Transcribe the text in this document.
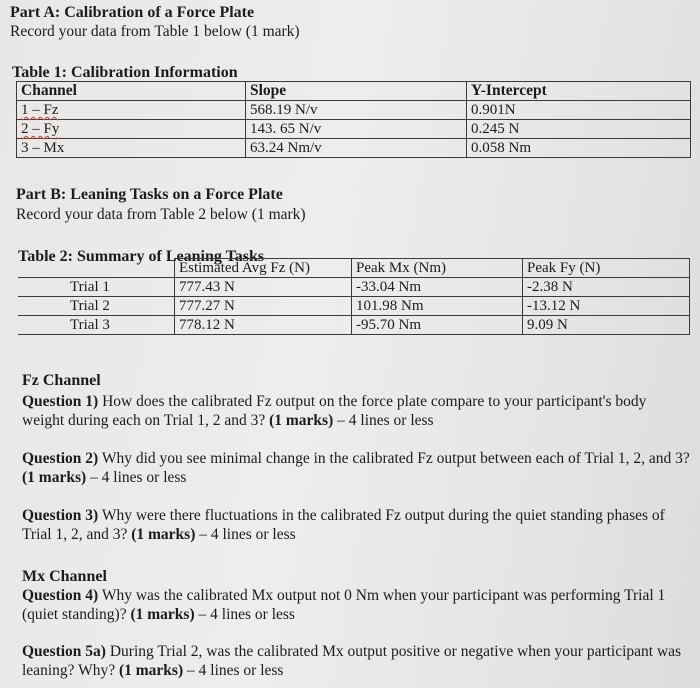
Part A: Calibration of a Force Plate
Record your data from Table 1 below (1 mark)
Table 1: Calibration Information
Channel	Slope	Y-Intercept
1 – Fz	568.19 N/v	0.901N
2 – Fy	143. 65 N/v	0.245 N
3 – Mx	63.24 Nm/v	0.058 Nm
Part B: Leaning Tasks on a Force Plate
Record your data from Table 2 below (1 mark)
Table 2: Summary of Leaning Tasks
	Estimated Avg Fz (N)	Peak Mx (Nm)	Peak Fy (N)
Trial 1	777.43 N	-33.04 Nm	-2.38 N
Trial 2	777.27 N	101.98 Nm	-13.12 N
Trial 3	778.12 N	-95.70 Nm	9.09 N
Fz Channel
Question 1) How does the calibrated Fz output on the force plate compare to your participant's body weight during each on Trial 1, 2 and 3? (1 marks) – 4 lines or less
Question 2) Why did you see minimal change in the calibrated Fz output between each of Trial 1, 2, and 3? (1 marks) – 4 lines or less
Question 3) Why were there fluctuations in the calibrated Fz output during the quiet standing phases of Trial 1, 2, and 3? (1 marks) – 4 lines or less
Mx Channel
Question 4) Why was the calibrated Mx output not 0 Nm when your participant was performing Trial 1 (quiet standing)? (1 marks) – 4 lines or less
Question 5a) During Trial 2, was the calibrated Mx output positive or negative when your participant was leaning? Why? (1 marks) – 4 lines or less
